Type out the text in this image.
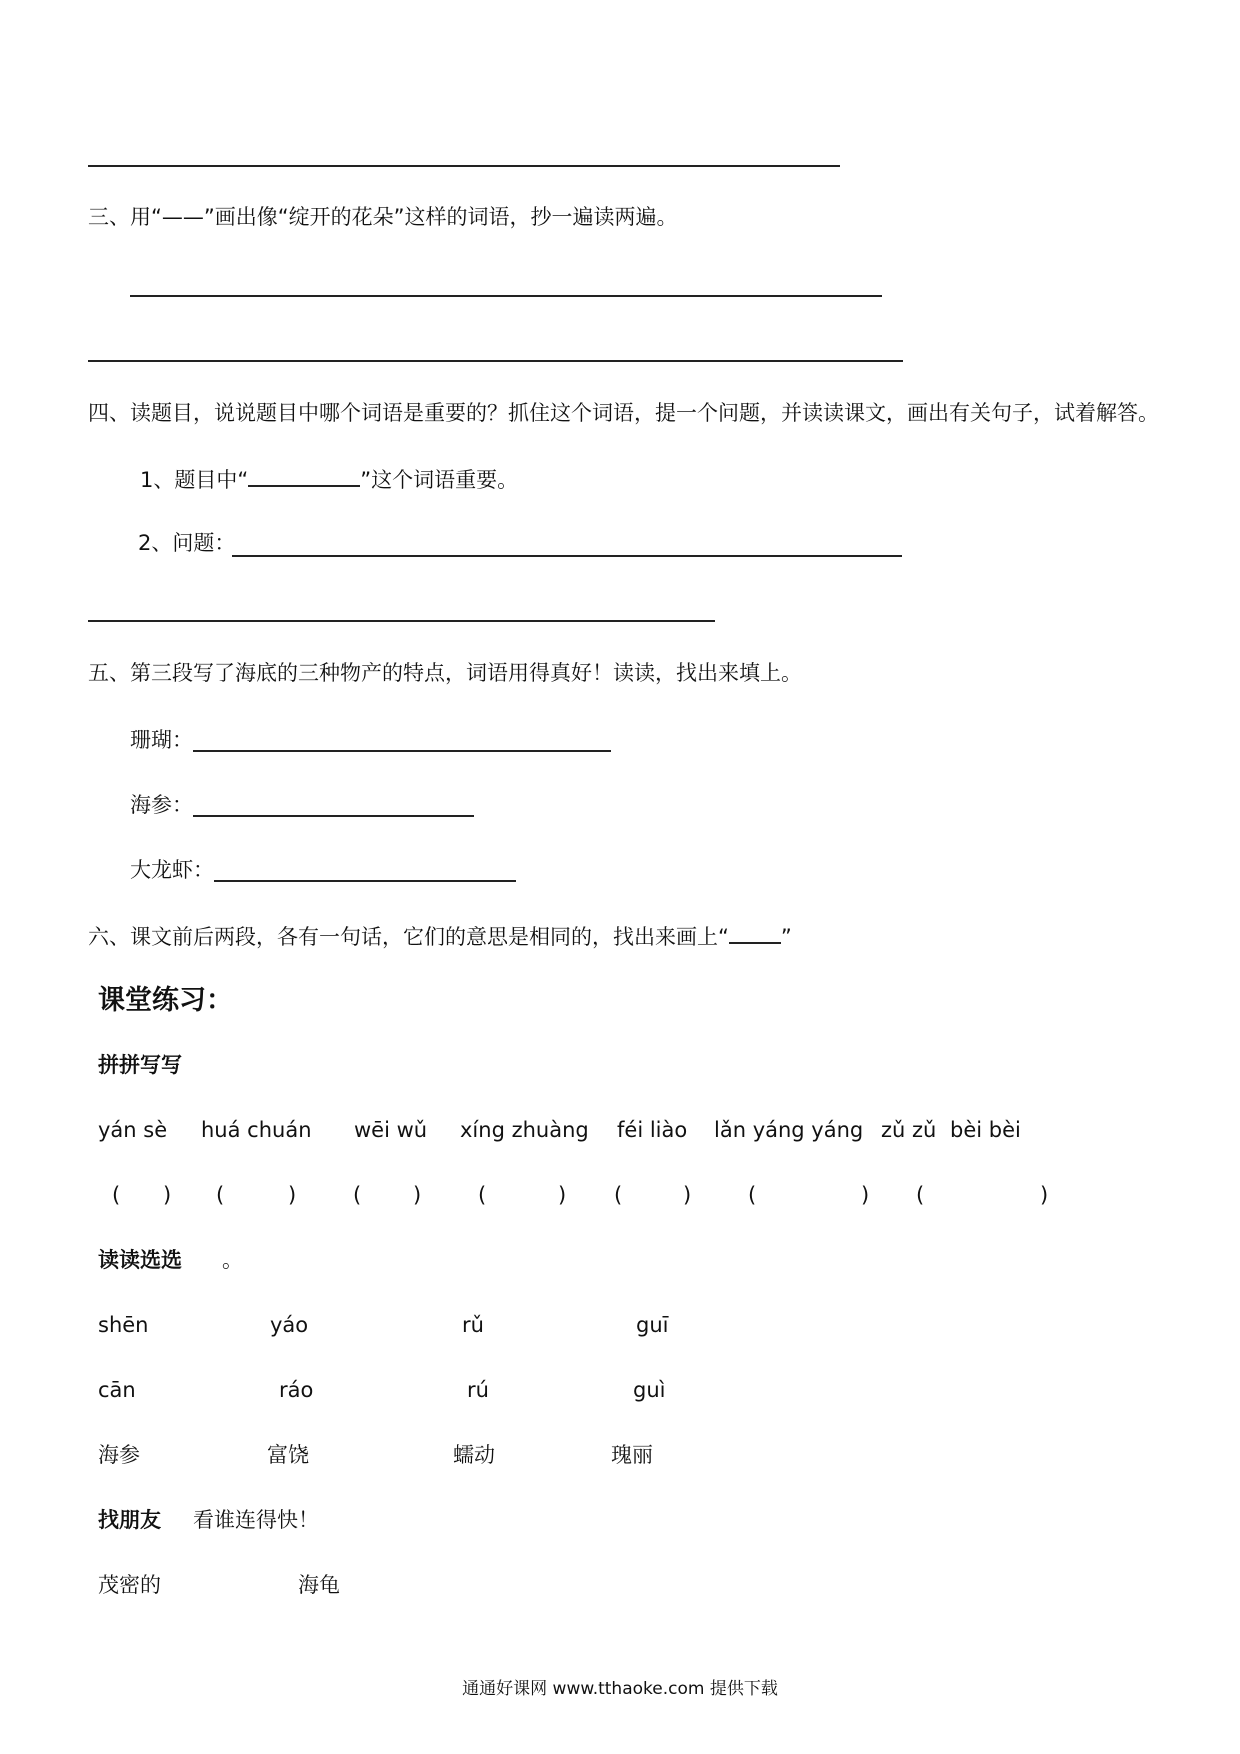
三、用“——”画出像“绽开的花朵”这样的词语，抄一遍读两遍。
四、读题目，说说题目中哪个词语是重要的？抓住这个词语，提一个问题，并读读课文，画出有关句子，试着解答。
1、题目中“	”这个词语重要。
2、问题：
五、第三段写了海底的三种物产的特点，词语用得真好！读读，找出来填上。
珊瑚：
海参：
大龙虾：
六、课文前后两段，各有一句话，它们的意思是相同的，找出来画上“ ”
课堂练习：
拼拼写写
yán sè huá chuán wēi wǔ xíng zhuàng féi liào lǎn yáng yáng zǔ zǔ bèi bèi
( ) (	)	( )	(	) (	)	(	) (	)
读读选选 。
shēn	yáo	rǔ	guī
cān	ráo	rú	guì
海参	富饶	蠕动	瑰丽
找朋友 看谁连得快！
茂密的	海龟
通通好课网 www.tthaoke.com 提供下载
